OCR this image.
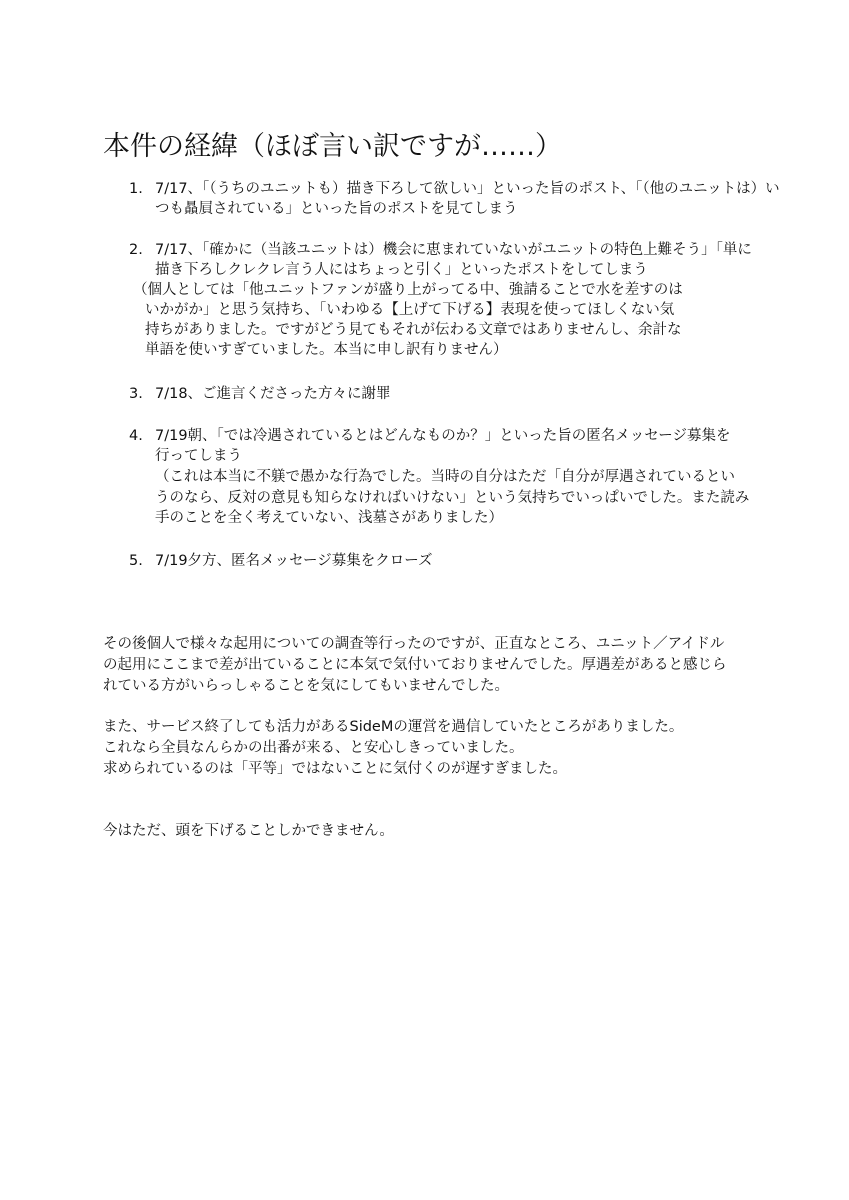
本件の経緯（ほぼ言い訳ですが……）
1. 7/17、「（うちのユニットも）描き下ろして欲しい」といった旨のポスト、「（他のユニットは）い
つも贔屓されている」といった旨のポストを見てしまう
2. 7/17、「確かに（当該ユニットは）機会に恵まれていないがユニットの特色上難そう」「単に
描き下ろしクレクレ言う人にはちょっと引く」といったポストをしてしまう
（個人としては「他ユニットファンが盛り上がってる中、強請ることで水を差すのは
いかがか」と思う気持ち、「いわゆる【上げて下げる】表現を使ってほしくない気
持ちがありました。ですがどう見てもそれが伝わる文章ではありませんし、余計な
単語を使いすぎていました。本当に申し訳有りません）
3. 7/18、ご進言くださった方々に謝罪
4. 7/19朝、「では冷遇されているとはどんなものか？」といった旨の匿名メッセージ募集を
行ってしまう
（これは本当に不躾で愚かな行為でした。当時の自分はただ「自分が厚遇されているとい
うのなら、反対の意見も知らなければいけない」という気持ちでいっぱいでした。また読み
手のことを全く考えていない、浅墓さがありました）
5. 7/19夕方、匿名メッセージ募集をクローズ
その後個人で様々な起用についての調査等行ったのですが、正直なところ、ユニット／アイドル
の起用にここまで差が出ていることに本気で気付いておりませんでした。厚遇差があると感じら
れている方がいらっしゃることを気にしてもいませんでした。
また、サービス終了しても活力があるSideMの運営を過信していたところがありました。
これなら全員なんらかの出番が来る、と安心しきっていました。
求められているのは「平等」ではないことに気付くのが遅すぎました。
今はただ、頭を下げることしかできません。
